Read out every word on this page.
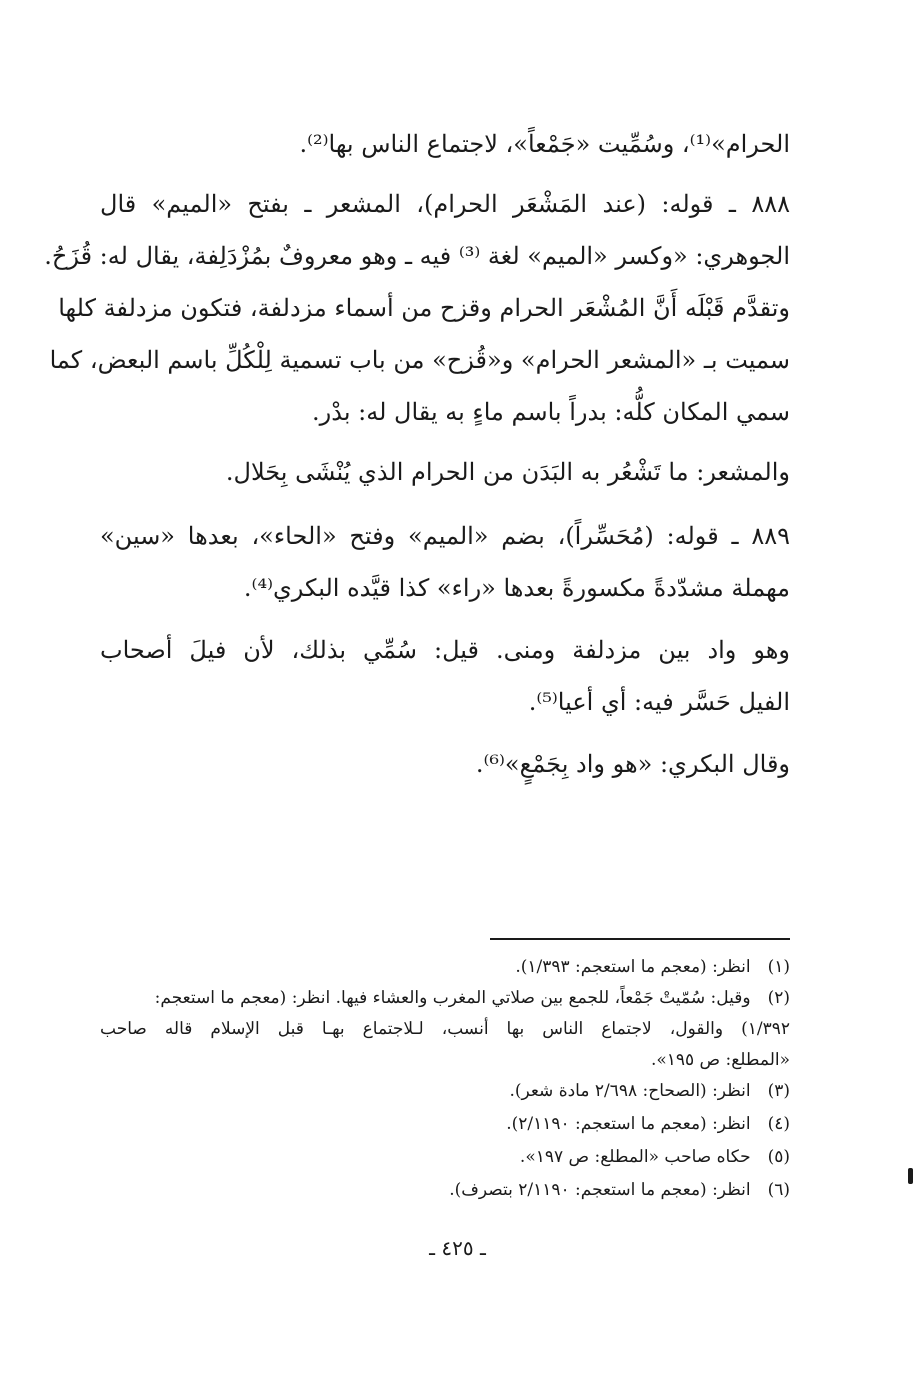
الحرام»⁽¹⁾، وسُمِّيت «جَمْعاً»، لاجتماع الناس بها⁽²⁾.
٨٨٨ ـ قوله: (عند المَشْعَر الحرام)، المشعر ـ بفتح «الميم» قال
الجوهري: «وكسر «الميم» لغة ⁽³⁾ فيه ـ وهو معروفٌ بمُزْدَلِفة، يقال له: قُزَحُ.
وتقدَّم قَبْلَه أَنَّ المُشْعَر الحرام وقزح من أسماء مزدلفة، فتكون مزدلفة كلها
سميت بـ «المشعر الحرام» و«قُزح» من باب تسمية لِلْكُلِّ باسم البعض، كما
سمي المكان كلُّه: بدراً باسم ماءٍ به يقال له: بدْر.
والمشعر: ما تَشْعُر به البَدَن من الحرام الذي يُنْشَى بِحَلال.
٨٨٩ ـ قوله: (مُحَسِّراً)، بضم «الميم» وفتح «الحاء»، بعدها «سين»
مهملة مشدّدةً مكسورةً بعدها «راء» كذا قيَّده البكري⁽⁴⁾.
وهو واد بين مزدلفة ومنى. قيل: سُمِّي بذلك، لأن فيلَ أصحاب
الفيل حَسَّر فيه: أي أعيا⁽⁵⁾.
وقال البكري: «هو واد بِجَمْعٍ»⁽⁶⁾.
(١) انظر: (معجم ما استعجم: ١/٣٩٣).
(٢) وقيل: سُمّيتْ جَمْعاً، للجمع بين صلاتي المغرب والعشاء فيها. انظر: (معجم ما استعجم:
١/٣٩٢) والقول، لاجتماع الناس بها أنسب، لـلاجتماع بهـا قبل الإسلام قاله صاحب
«المطلع: ص ١٩٥».
(٣) انظر: (الصحاح: ٢/٦٩٨ مادة شعر).
(٤) انظر: (معجم ما استعجم: ٢/١١٩٠).
(٥) حكاه صاحب «المطلع: ص ١٩٧».
(٦) انظر: (معجم ما استعجم: ٢/١١٩٠ بتصرف).
ـ ٤٢٥ ـ
